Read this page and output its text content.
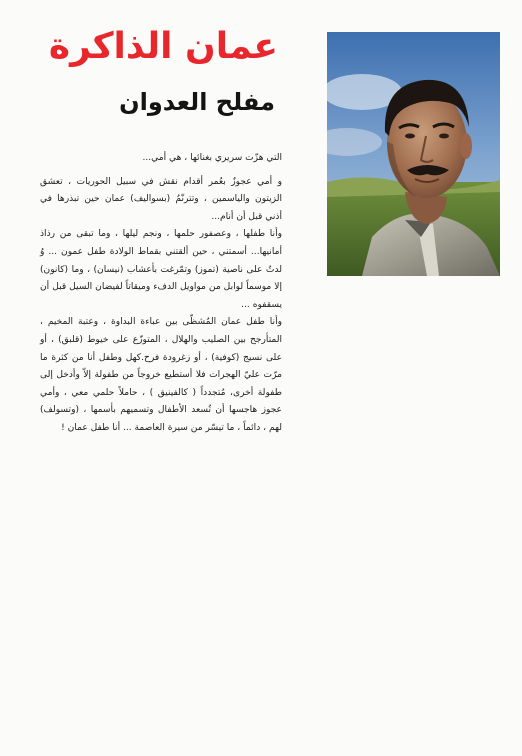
عمان الذاكرة
مفلح العدوان

التي هزّت سريري بغنائها ، هي أمي...

و أمي عجوزٌ بعُمر أقدام نقش في سبيل الحوريات ، تعشق الزيتون والياسمين ، وتترنّمُ (بسواليف) عمان حين تبذرها في أذني قبل أن أنام...

وأنا طفلها ، وعصفور حلمها ، ونجم ليلها ، وما تبقى من رذاذ أمانيها... أسمتني ، حين ألقتني بقماط الولادة طفل عمون ... وُ لدتُ على ناصية (تموز) وتمّرغت بأعشاب (نيسان) ، وما (كانون) إلا موسماً لوابل من مواويل الدفء وميقاتاً لفيضان السيل قبل أن يسقفوه ...

وأنا طفل عمان المُشظّى بين عباءة البداوة ، وعتبة المخيم ، المتأرجح بين الصليب والهلال ، المتوزّع على خيوط (قلبق) ، أو على نسيج (كوفية) ، أو زغرودة فرح.كهل وطفل أنا من كثرة ما مرّت عليّ الهجرات فلا أستطيع خروجاً من طفولة إلاّ وأدخل إلى طفولة أخرى، مُتجدداً ( كالفينيق ) ، حاملاً حلمي معي ، وأمي عجوز هاجسها أن تُسعد الأطفال وتسميهم بأسمها ، (وتسولف) لهم ، دائماً ، ما تيسّر من سيرة العاصمة ... أنا طفل عمان !
